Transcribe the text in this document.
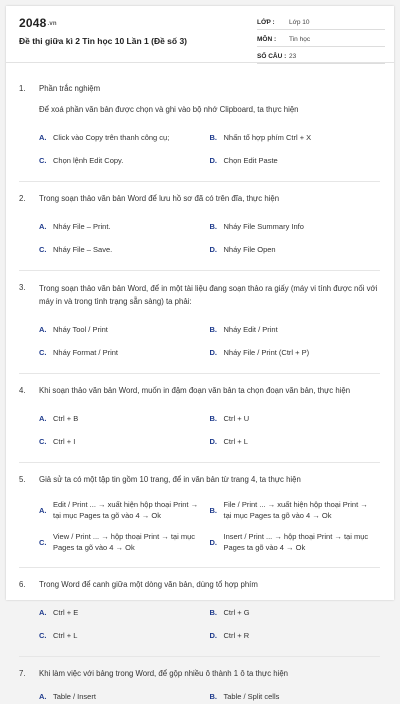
2048.vn
Đề thi giữa kì 2 Tin học 10 Lần 1 (Đề số 3)
LỚP :	Lớp 10
MÔN :	Tin học
SỐ CÂU : 23
1.	Phần trắc nghiệm
Để xoá phần văn bản được chọn và ghi vào bộ nhớ Clipboard, ta thực hiện
A. Click vào Copy trên thanh công cụ;	B. Nhấn tổ hợp phím Ctrl + X
C. Chọn lệnh Edit Copy.	D. Chọn Edit Paste
2.	Trong soạn thảo văn bản Word để lưu hồ sơ đã có trên đĩa, thực hiện
A. Nháy File – Print.	B. Nháy File Summary Info
C. Nháy File – Save.	D. Nháy File Open
3.	Trong soạn thảo văn bản Word, để in một tài liệu đang soạn thảo ra giấy (máy vi tính được nối với máy in và trong tình trạng sẵn sàng) ta phải:
A. Nháy Tool / Print	B. Nháy Edit / Print
C. Nháy Format / Print	D. Nháy File / Print (Ctrl + P)
4.	Khi soạn thảo văn bản Word, muốn in đậm đoạn văn bản ta chọn đoạn văn bản, thực hiện
A. Ctrl + B	B. Ctrl + U
C. Ctrl + I	D. Ctrl + L
5.	Giả sử ta có một tập tin gồm 10 trang, để in văn bản từ trang 4, ta thực hiện
A.
Edit / Print ... → xuất hiện hộp thoại Print → tại mục Pages ta gõ vào 4 → Ok
B.
File / Print ... → xuất hiện hộp thoại Print → tại mục Pages ta gõ vào 4 → Ok
C.
View / Print ... → hộp thoại Print → tại mục Pages ta gõ vào 4 → Ok
D.
Insert / Print ... → hộp thoại Print → tại mục Pages ta gõ vào 4 → Ok
6.	Trong Word để canh giữa một dòng văn bản, dùng tổ hợp phím
A. Ctrl + E	B. Ctrl + G
C. Ctrl + L	D. Ctrl + R
7.	Khi làm việc với bảng trong Word, để gộp nhiều ô thành 1 ô ta thực hiện
A. Table / Insert	B. Table / Split cells
